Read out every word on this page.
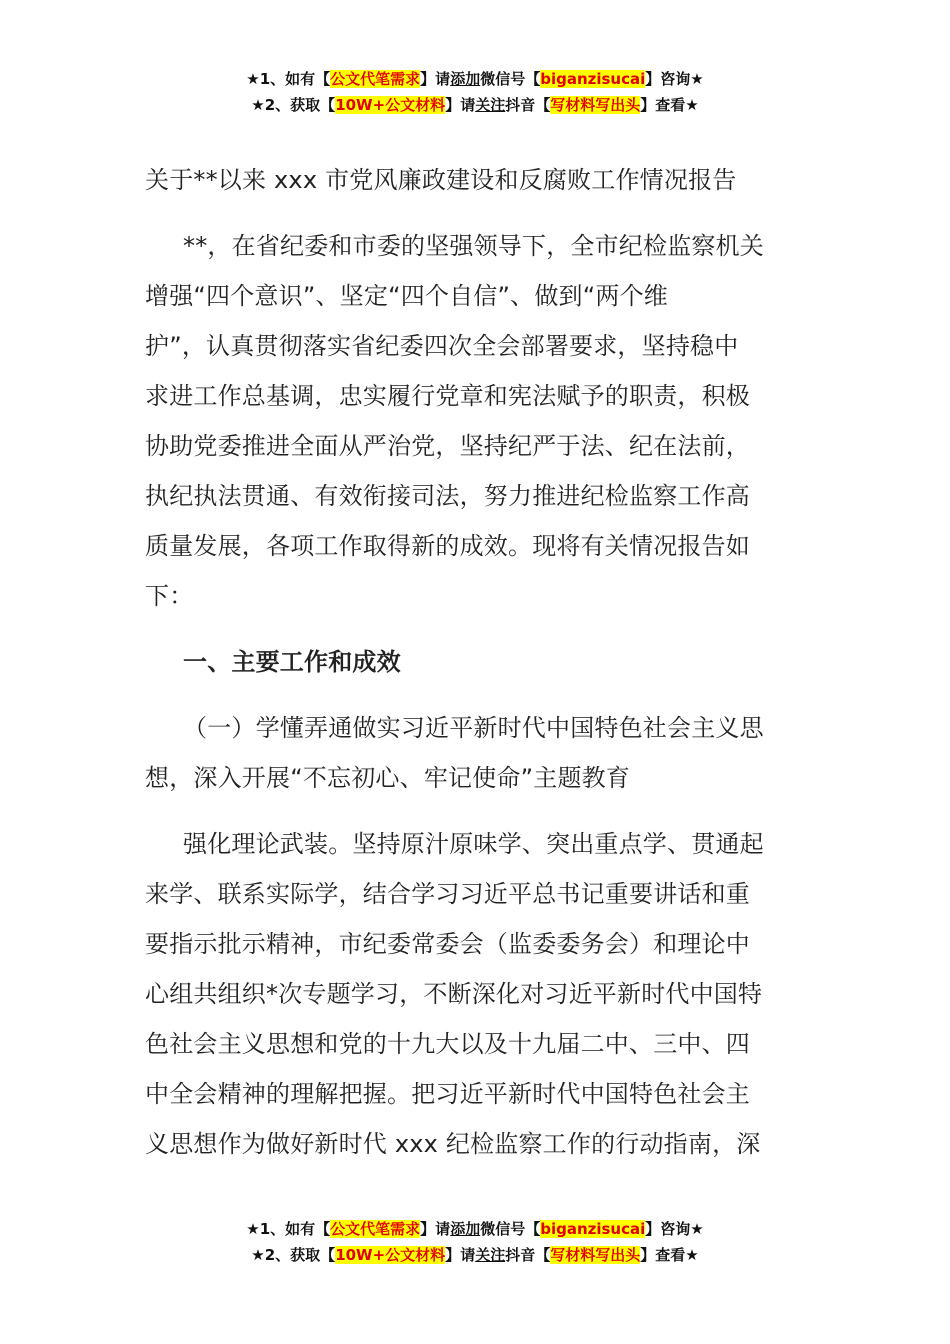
★1、如有【公文代笔需求】请添加微信号【biganzisucai】咨询★
★2、获取【10W+公文材料】请关注抖音【写材料写出头】查看★

关于**以来 xxx 市党风廉政建设和反腐败工作情况报告

**，在省纪委和市委的坚强领导下，全市纪检监察机关
增强“四个意识”、坚定“四个自信”、做到“两个维
护”，认真贯彻落实省纪委四次全会部署要求，坚持稳中
求进工作总基调，忠实履行党章和宪法赋予的职责，积极
协助党委推进全面从严治党，坚持纪严于法、纪在法前，
执纪执法贯通、有效衔接司法，努力推进纪检监察工作高
质量发展，各项工作取得新的成效。现将有关情况报告如
下：
一、主要工作和成效
（一）学懂弄通做实习近平新时代中国特色社会主义思
想，深入开展“不忘初心、牢记使命”主题教育
强化理论武装。坚持原汁原味学、突出重点学、贯通起
来学、联系实际学，结合学习习近平总书记重要讲话和重
要指示批示精神，市纪委常委会（监委委务会）和理论中
心组共组织*次专题学习，不断深化对习近平新时代中国特
色社会主义思想和党的十九大以及十九届二中、三中、四
中全会精神的理解把握。把习近平新时代中国特色社会主
义思想作为做好新时代 xxx 纪检监察工作的行动指南，深
★1、如有【公文代笔需求】请添加微信号【biganzisucai】咨询★
★2、获取【10W+公文材料】请关注抖音【写材料写出头】查看★
